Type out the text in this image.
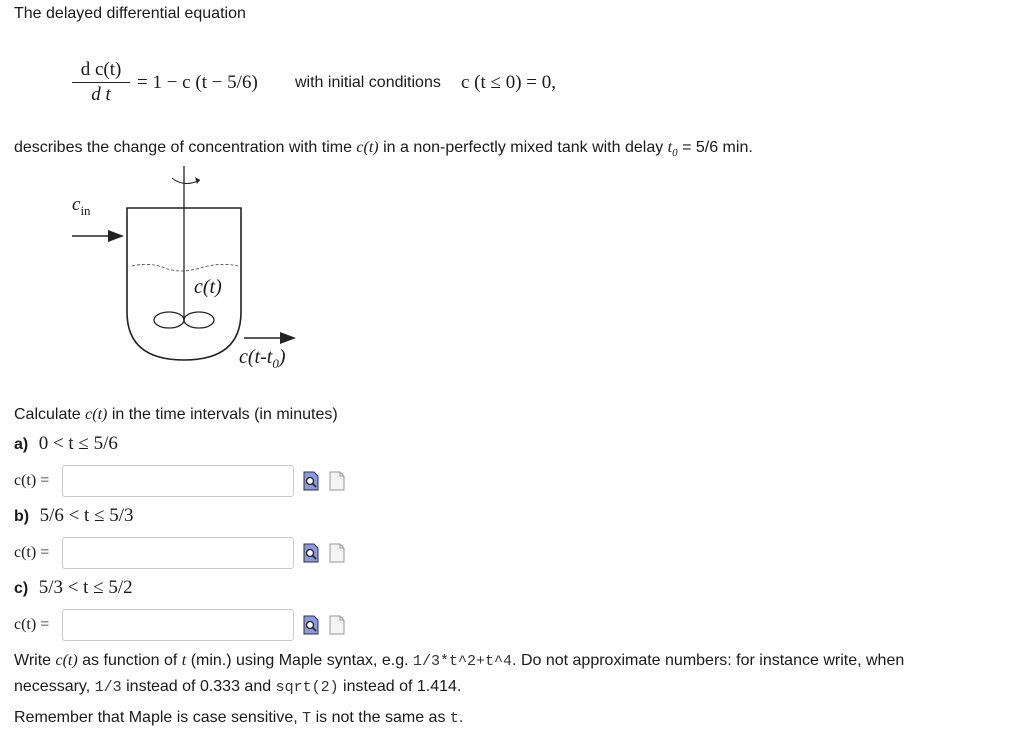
The delayed differential equation
d c(t)
d t
= 1 − c (t − 5/6) with initial conditions c (t ≤ 0) = 0,
describes the change of concentration with time c(t) in a non-perfectly mixed tank with delay $t_0 = 5/6$ min.
$c_{in}$
c(t)
$c(t-t_0)$
Calculate c(t) in the time intervals (in minutes)
a) 0 < t ≤ 5/6
c(t) =
b) 5/6 < t ≤ 5/3
c(t) =
c) 5/3 < t ≤ 5/2
c(t) =
Write c(t) as function of t (min.) using Maple syntax, e.g. 1/3*t^2+t^4. Do not approximate numbers: for instance write, when
necessary, 1/3 instead of 0.333 and sqrt(2) instead of 1.414.
Remember that Maple is case sensitive, T is not the same as t.
